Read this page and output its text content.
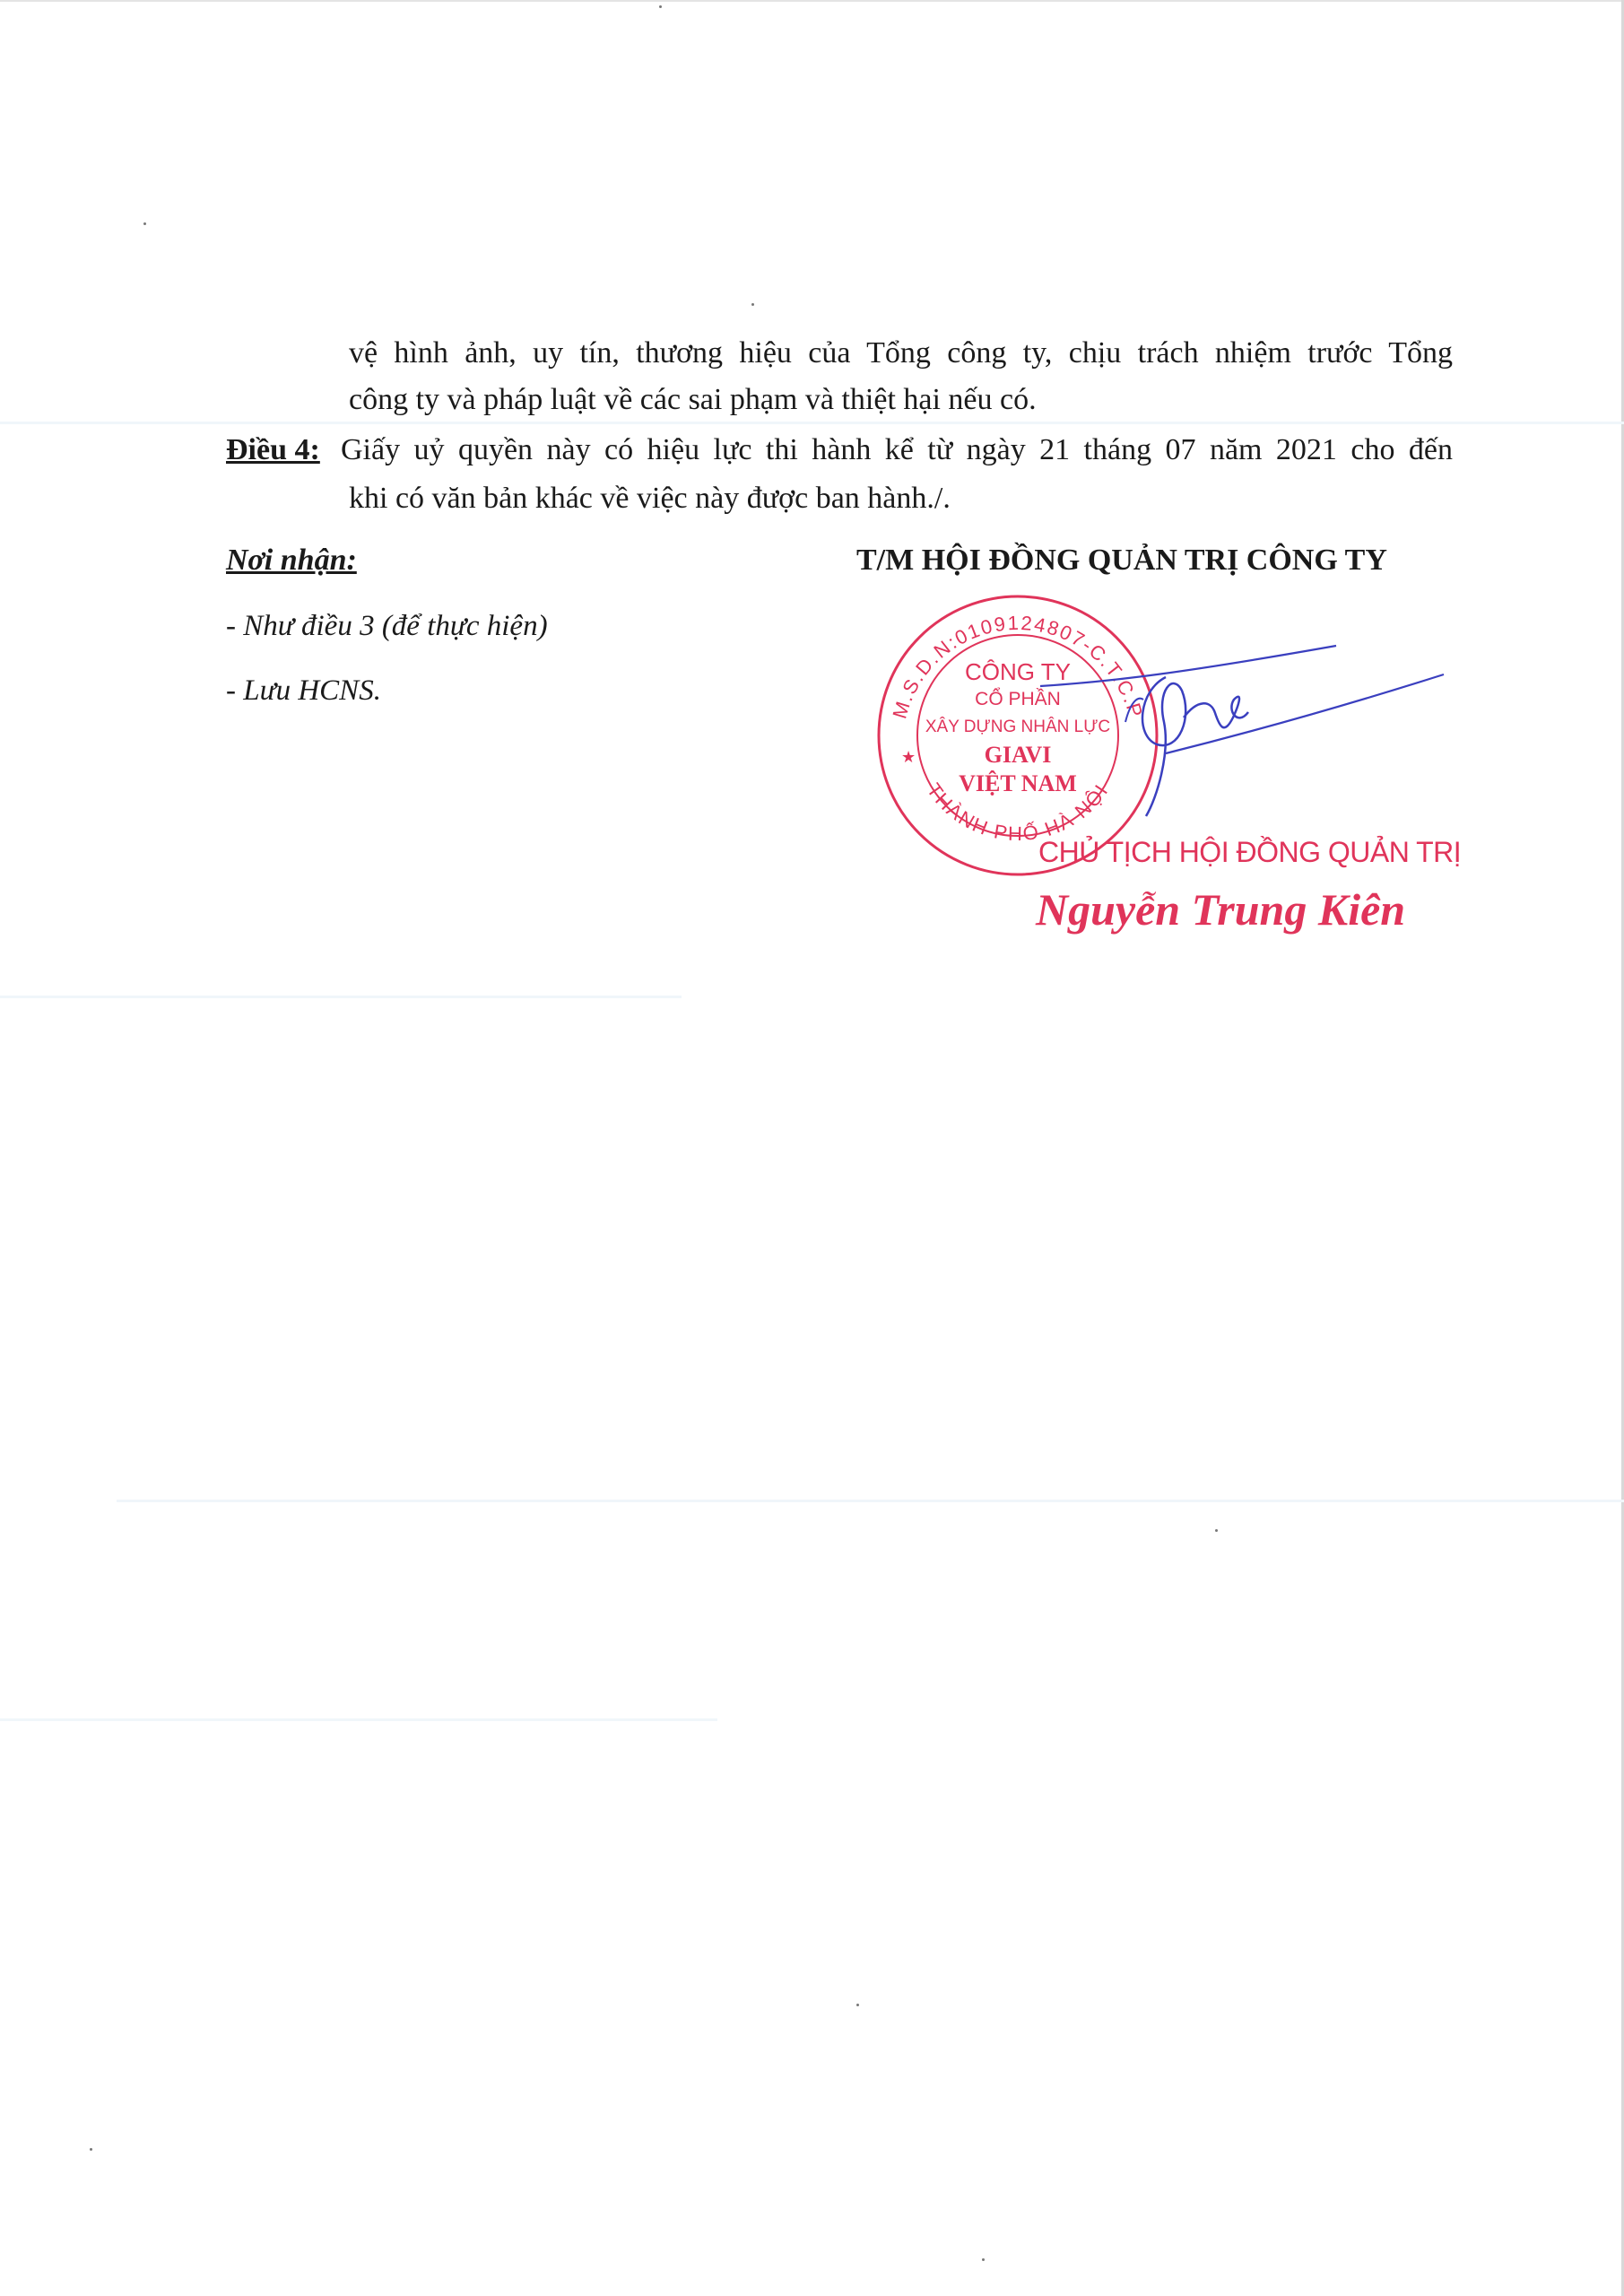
vệ hình ảnh, uy tín, thương hiệu của Tổng công ty, chịu trách nhiệm trước Tổng
công ty và pháp luật về các sai phạm và thiệt hại nếu có.
Điều 4: Giấy uỷ quyền này có hiệu lực thi hành kể từ ngày 21 tháng 07 năm 2021 cho đến
khi có văn bản khác về việc này được ban hành./.
Nơi nhận:
- Như điều 3 (để thực hiện)
- Lưu HCNS.
T/M HỘI ĐỒNG QUẢN TRỊ CÔNG TY
M.S.D.N:0109124807-C.T.C.P
THÀNH PHỐ HÀ NỘI
★
CÔNG TY
CỔ PHẦN
XÂY DỰNG NHÂN LỰC
GIAVI
VIỆT NAM
CHỦ TỊCH HỘI ĐỒNG QUẢN TRỊ
Nguyễn Trung Kiên
